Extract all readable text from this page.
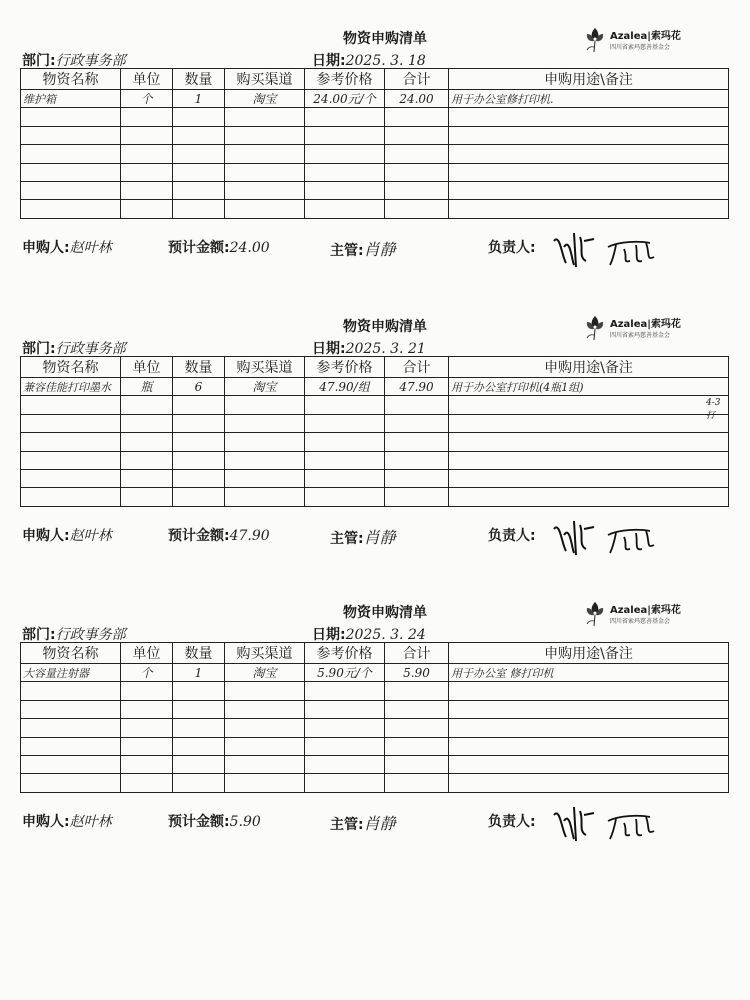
物资申购清单
部门:行政事务部	日期:2025. 3. 18
Azalea|索玛花
四川省索玛慈善基金会
物资名称	单位	数量	购买渠道	参考价格	合计	申购用途\备注
维护箱	个	1	淘宝	24.00元/个	24.00	用于办公室修打印机.

申购人:赵叶林	预计金额:24.00	主管:肖静	负责人:
物资申购清单
部门:行政事务部	日期:2025. 3. 21
Azalea|索玛花
四川省索玛慈善基金会
物资名称	单位	数量	购买渠道	参考价格	合计	申购用途\备注
兼容佳能打印墨水	瓶	6	淘宝	47.90/组	47.90	用于办公室打印机(4瓶1组)

申购人:赵叶林	预计金额:47.90	主管:肖静	负责人:
4-3打
物资申购清单
部门:行政事务部	日期:2025. 3. 24
Azalea|索玛花
四川省索玛慈善基金会
物资名称	单位	数量	购买渠道	参考价格	合计	申购用途\备注
大容量注射器	个	1	淘宝	5.90元/个	5.90	用于办公室 修打印机

申购人:赵叶林	预计金额:5.90	主管:肖静	负责人:
